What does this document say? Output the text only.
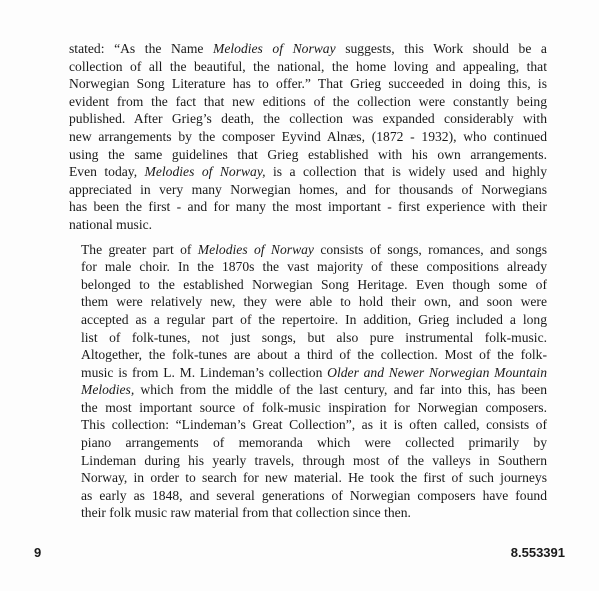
stated: “As the Name Melodies of Norway suggests, this Work should be a
collection of all the beautiful, the national, the home loving and appealing, that
Norwegian Song Literature has to offer.” That Grieg succeeded in doing this, is
evident from the fact that new editions of the collection were constantly being
published. After Grieg’s death, the collection was expanded considerably with
new arrangements by the composer Eyvind Alnæs, (1872 - 1932), who continued
using the same guidelines that Grieg established with his own arrangements.
Even today, Melodies of Norway, is a collection that is widely used and highly
appreciated in very many Norwegian homes, and for thousands of Norwegians
has been the first - and for many the most important - first experience with their
national music.

The greater part of Melodies of Norway consists of songs, romances, and songs
for male choir. In the 1870s the vast majority of these compositions already
belonged to the established Norwegian Song Heritage. Even though some of
them were relatively new, they were able to hold their own, and soon were
accepted as a regular part of the repertoire. In addition, Grieg included a long
list of folk-tunes, not just songs, but also pure instrumental folk-music.
Altogether, the folk-tunes are about a third of the collection. Most of the folk-
music is from L. M. Lindeman’s collection Older and Newer Norwegian Mountain
Melodies, which from the middle of the last century, and far into this, has been
the most important source of folk-music inspiration for Norwegian composers.
This collection: “Lindeman’s Great Collection”, as it is often called, consists of
piano arrangements of memoranda which were collected primarily by
Lindeman during his yearly travels, through most of the valleys in Southern
Norway, in order to search for new material. He took the first of such journeys
as early as 1848, and several generations of Norwegian composers have found
their folk music raw material from that collection since then.

9	8.553391
